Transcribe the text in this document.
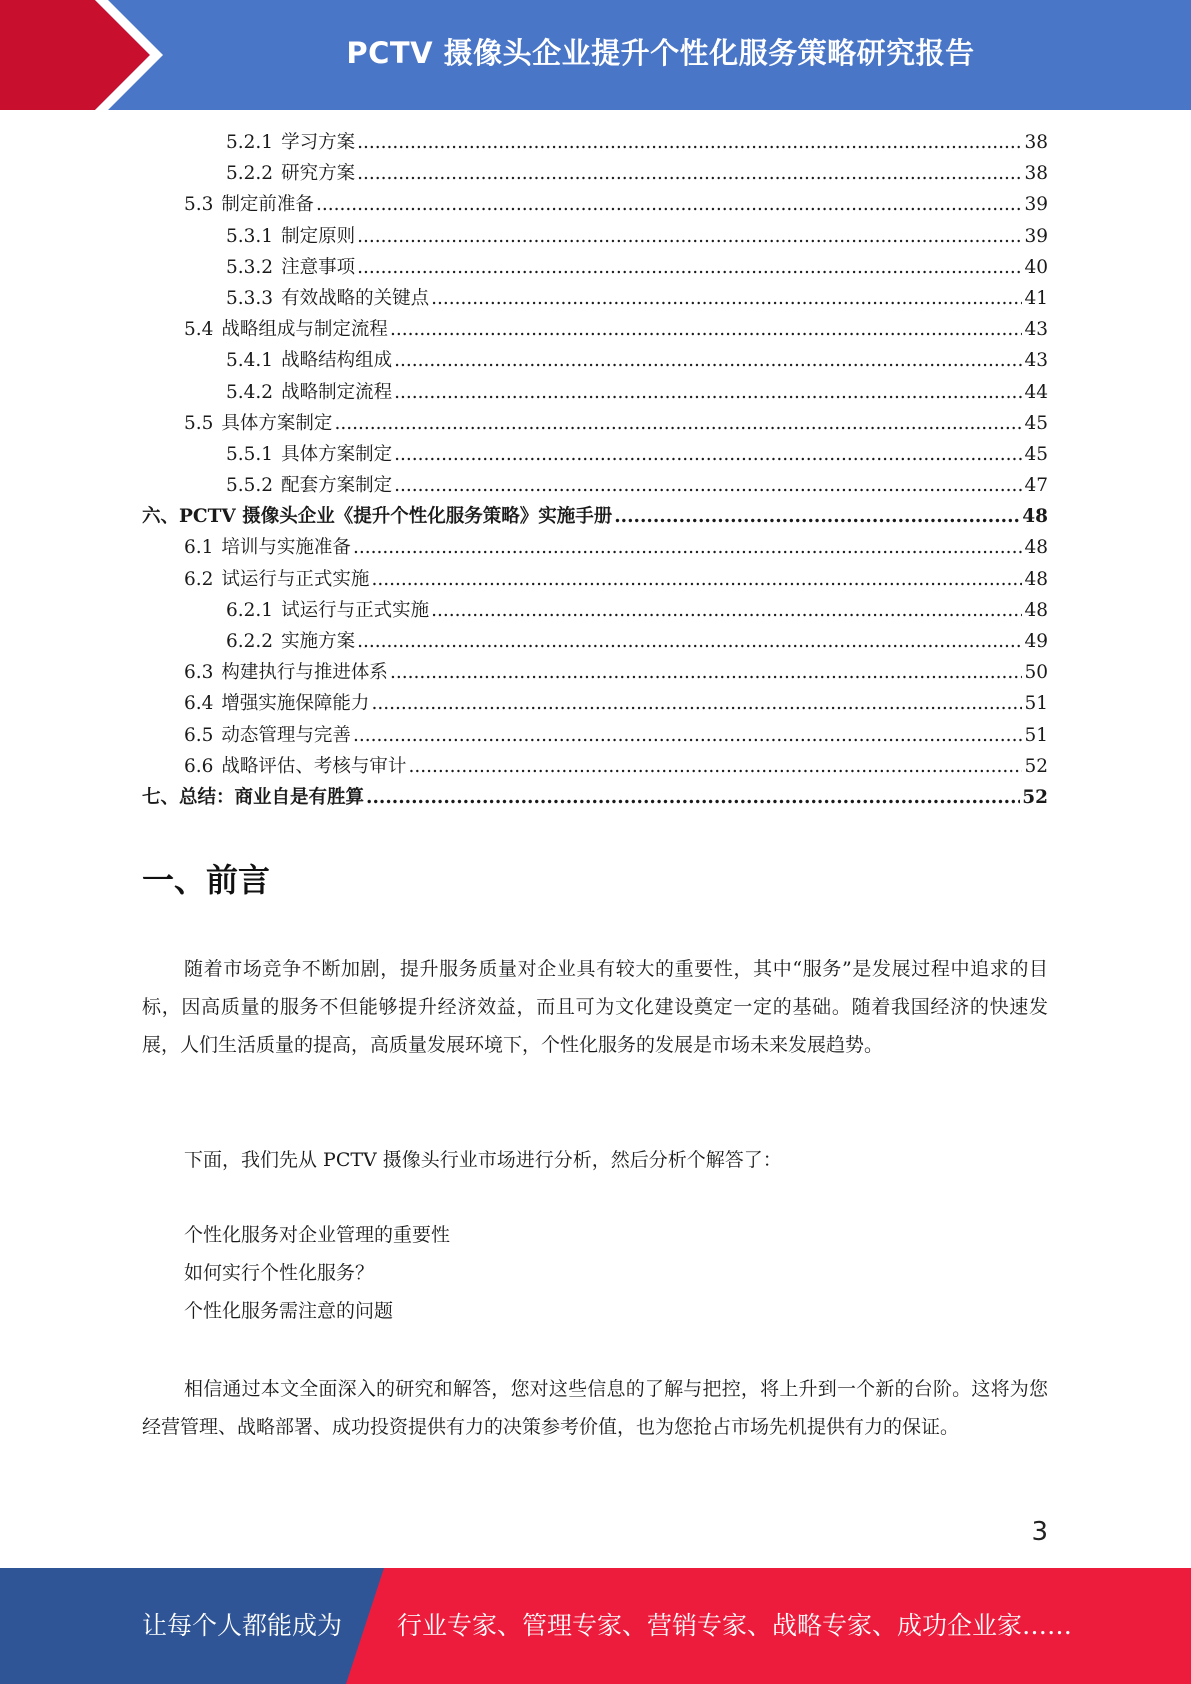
PCTV 摄像头企业提升个性化服务策略研究报告
5.2.1 学习方案 .....	38
5.2.2 研究方案 .....	38
5.3 制定前准备 .....	39
5.3.1 制定原则 .....	39
5.3.2 注意事项 .....	40
5.3.3 有效战略的关键点 .....	41
5.4 战略组成与制定流程 .....	43
5.4.1 战略结构组成 .....	43
5.4.2 战略制定流程 .....	44
5.5 具体方案制定 .....	45
5.5.1 具体方案制定 .....	45
5.5.2 配套方案制定 .....	47
六、 PCTV 摄像头企业《提升个性化服务策略》实施手册 .....	48
6.1 培训与实施准备 .....	48
6.2 试运行与正式实施 .....	48
6.2.1 试运行与正式实施 .....	48
6.2.2 实施方案 .....	49
6.3 构建执行与推进体系 .....	50
6.4 增强实施保障能力 .....	51
6.5 动态管理与完善 .....	51
6.6 战略评估、考核与审计 .....	52
七、 总结：商业自是有胜算 .....	52
一、前言

随着市场竞争不断加剧，提升服务质量对企业具有较大的重要性，其中“服务”是发展过程中追求的目标，因高质量的服务不但能够提升经济效益，而且可为文化建设奠定一定的基础。随着我国经济的快速发展，人们生活质量的提高，高质量发展环境下，个性化服务的发展是市场未来发展趋势。

下面，我们先从 PCTV 摄像头行业市场进行分析，然后分析个解答了：

个性化服务对企业管理的重要性
如何实行个性化服务？
个性化服务需注意的问题

相信通过本文全面深入的研究和解答，您对这些信息的了解与把控，将上升到一个新的台阶。这将为您经营管理、战略部署、成功投资提供有力的决策参考价值，也为您抢占市场先机提供有力的保证。

3
让每个人都能成为 行业专家、管理专家、营销专家、战略专家、成功企业家……
